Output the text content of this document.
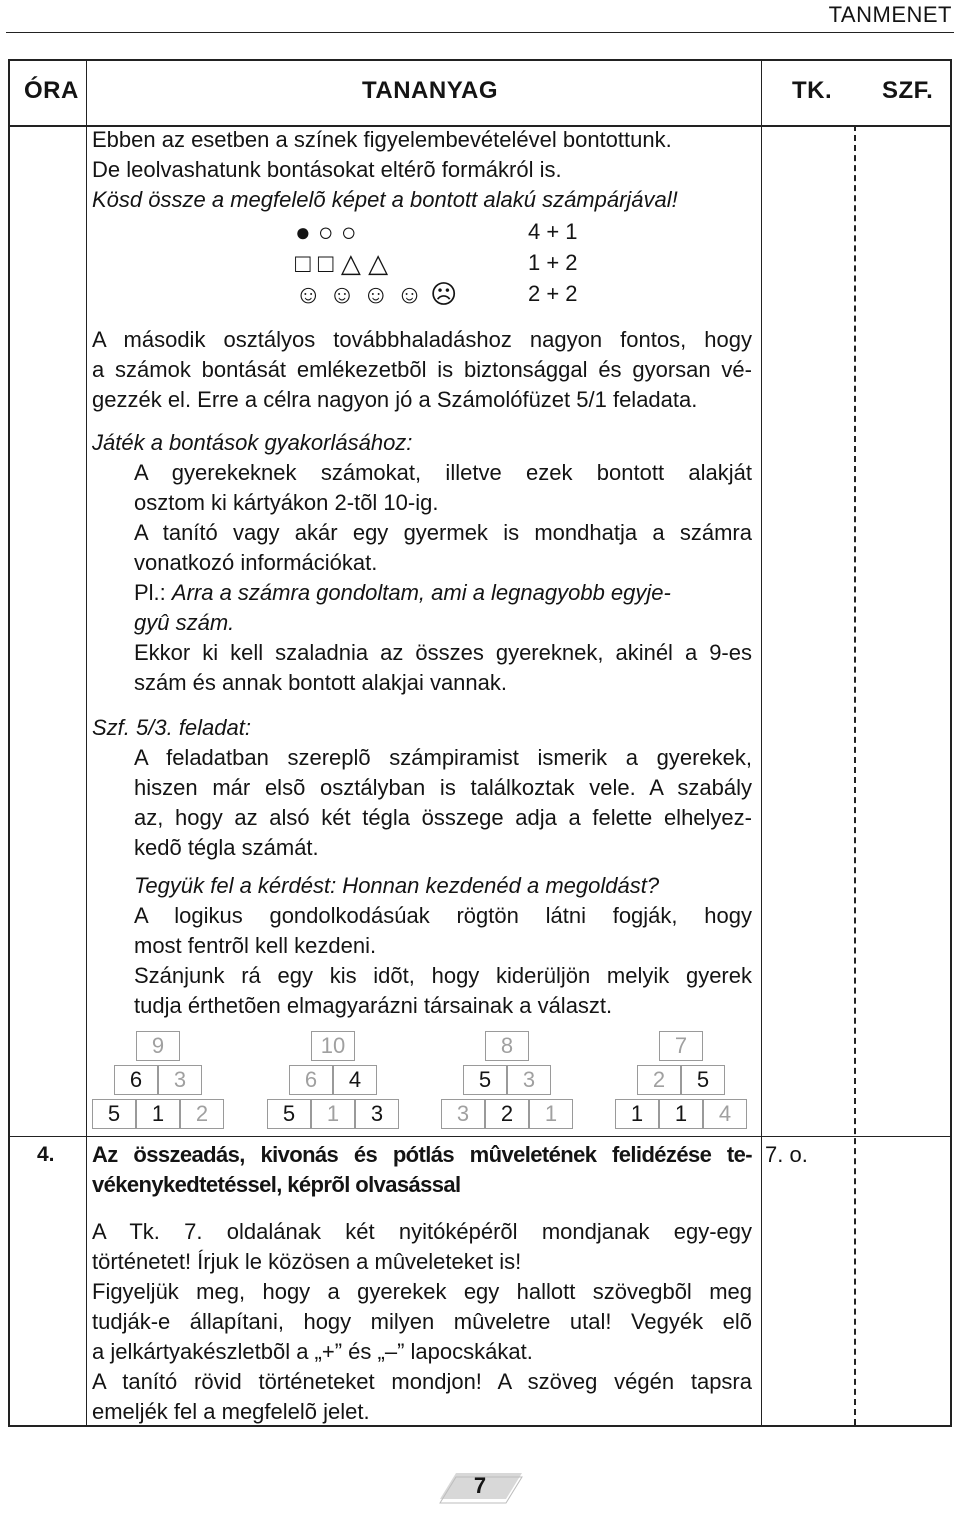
TANMENET
ÓRA	TANANYAG	TK. SZF.

Ebben az esetben a színek figyelembevételével bontottunk.

De leolvashatunk bontásokat eltérõ formákról is.

Kösd össze a megfelelõ képet a bontott alakú számpárjával!

● ○ ○	4 + 1
□ □ △ △	1 + 2
☺ ☺ ☺ ☺ ☹	2 + 2

A második osztályos továbbhaladáshoz nagyon fontos, hogy

a számok bontását emlékezetbõl is biztonsággal és gyorsan vé-

gezzék el. Erre a célra nagyon jó a Számolófüzet 5/1 feladata.

Játék a bontások gyakorlásához:

A gyerekeknek számokat, illetve ezek bontott alakját

osztom ki kártyákon 2-tõl 10-ig.

A tanító vagy akár egy gyermek is mondhatja a számra

vonatkozó információkat.

Pl.: Arra a számra gondoltam, ami a legnagyobb egyje-

gyû szám.

Ekkor ki kell szaladnia az összes gyereknek, akinél a 9-es

szám és annak bontott alakjai vannak.

Szf. 5/3. feladat:

A feladatban szereplõ számpiramist ismerik a gyerekek,

hiszen már elsõ osztályban is találkoztak vele. A szabály

az, hogy az alsó két tégla összege adja a felette elhelyez-

kedõ tégla számát.

Tegyük fel a kérdést: Honnan kezdenéd a megoldást?

A logikus gondolkodásúak rögtön látni fogják, hogy

most fentrõl kell kezdeni.

Szánjunk rá egy kis idõt, hogy kiderüljön melyik gyerek

tudja érthetõen elmagyarázni társainak a választ.

9
6	3
5	1	2
10
6	4
5	1	3
8
5	3
3	2	1
7
2	5
1	1	4
4. Az összeadás, kivonás és pótlás mûveletének felidézése te-

vékenykedtetéssel, képrõl olvasással

7. o.

A Tk. 7. oldalának két nyitóképérõl mondjanak egy-egy

történetet! Írjuk le közösen a mûveleteket is!

Figyeljük meg, hogy a gyerekek egy hallott szövegbõl meg

tudják-e állapítani, hogy milyen mûveletre utal! Vegyék elõ

a jelkártyakészletbõl a „+” és „–” lapocskákat.

A tanító rövid történeteket mondjon! A szöveg végén tapsra

emeljék fel a megfelelõ jelet.

7
